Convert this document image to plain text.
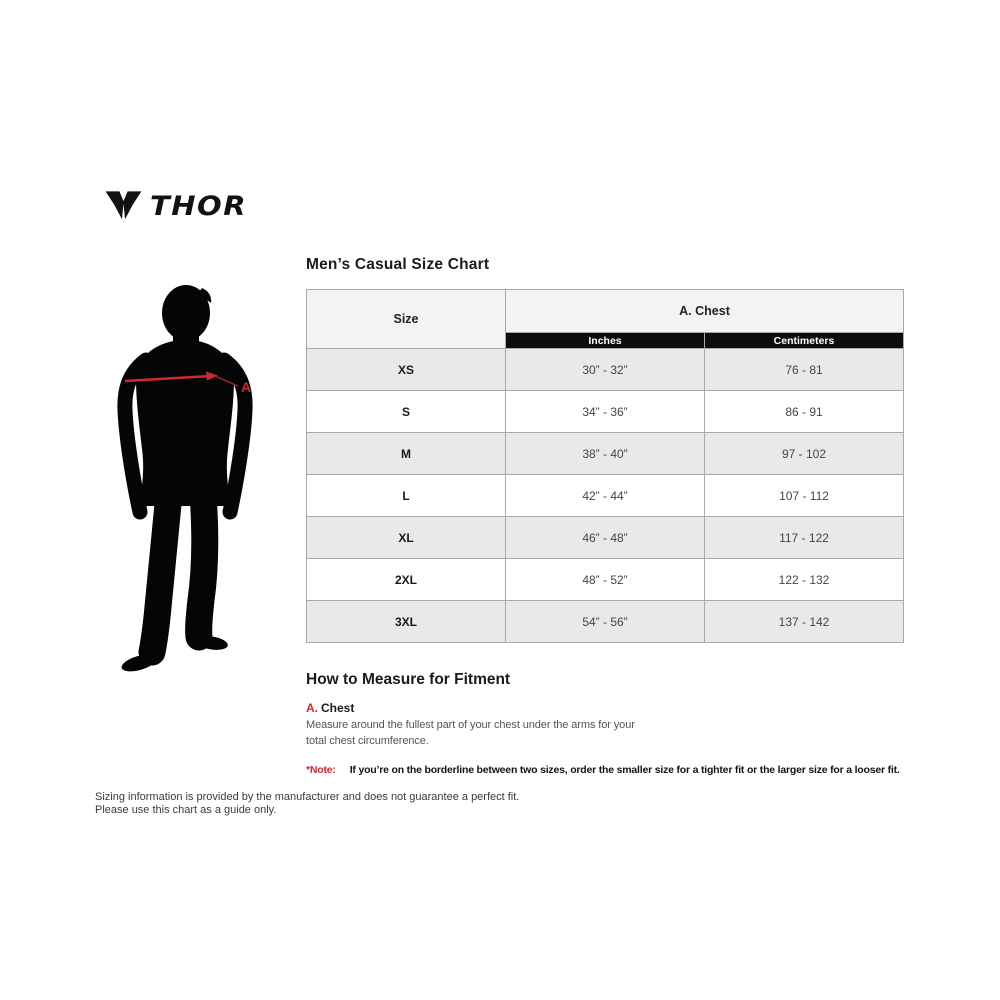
THOR
A
Men’s Casual Size Chart
Size	A. Chest	
	Inches	Centimeters
XS	30” - 32”	76 - 81
S	34” - 36”	86 - 91
M	38” - 40”	97 - 102
L	42” - 44”	107 - 112
XL	46” - 48”	117 - 122
2XL	48” - 52”	122 - 132
3XL	54” - 56”	137 - 142
How to Measure for Fitment
A. Chest
Measure around the fullest part of your chest under the arms for your total chest circumference.
*Note: If you’re on the borderline between two sizes, order the smaller size for a tighter fit or the larger size for a looser fit.
Sizing information is provided by the manufacturer and does not guarantee a perfect fit.
Please use this chart as a guide only.
